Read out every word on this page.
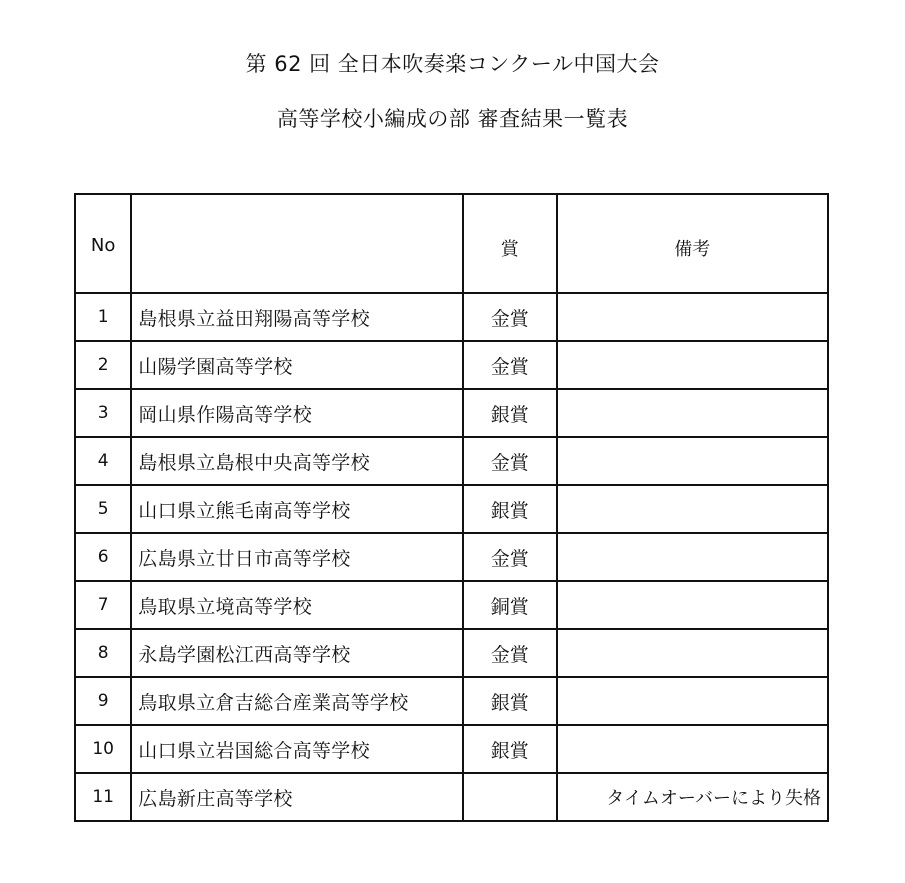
第 62 回 全日本吹奏楽コンクール中国大会
高等学校小編成の部 審査結果一覧表
No		賞	備考
1	島根県立益田翔陽高等学校	金賞	
2	山陽学園高等学校	金賞	
3	岡山県作陽高等学校	銀賞	
4	島根県立島根中央高等学校	金賞	
5	山口県立熊毛南高等学校	銀賞	
6	広島県立廿日市高等学校	金賞	
7	鳥取県立境高等学校	銅賞	
8	永島学園松江西高等学校	金賞	
9	鳥取県立倉吉総合産業高等学校	銀賞	
10	山口県立岩国総合高等学校	銀賞	
11	広島新庄高等学校		タイムオーバーにより失格
